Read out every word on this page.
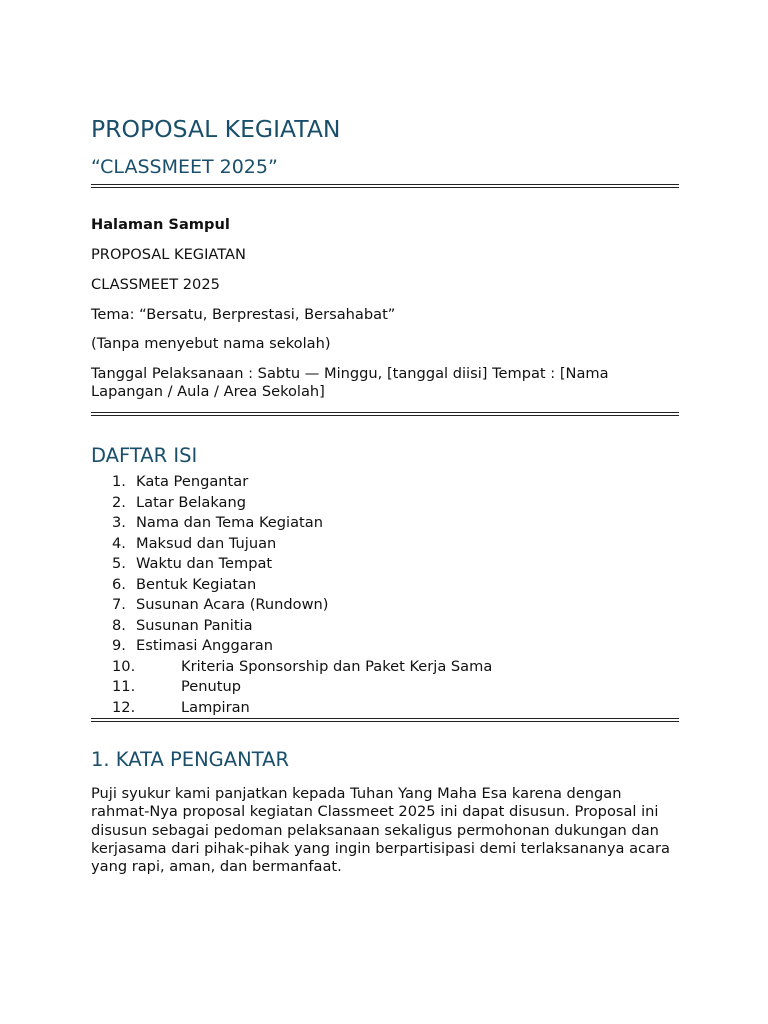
PROPOSAL KEGIATAN
“CLASSMEET 2025”

Halaman Sampul

PROPOSAL KEGIATAN

CLASSMEET 2025

Tema: “Bersatu, Berprestasi, Bersahabat”

(Tanpa menyebut nama sekolah)

Tanggal Pelaksanaan : Sabtu — Minggu, [tanggal diisi] Tempat : [Nama Lapangan / Aula / Area Sekolah]

DAFTAR ISI
1. Kata Pengantar
2. Latar Belakang
3. Nama dan Tema Kegiatan
4. Maksud dan Tujuan
5. Waktu dan Tempat
6. Bentuk Kegiatan
7. Susunan Acara (Rundown)
8. Susunan Panitia
9. Estimasi Anggaran
10.	Kriteria Sponsorship dan Paket Kerja Sama
11.	Penutup
12.	Lampiran
1. KATA PENGANTAR

Puji syukur kami panjatkan kepada Tuhan Yang Maha Esa karena dengan rahmat-Nya proposal kegiatan Classmeet 2025 ini dapat disusun. Proposal ini disusun sebagai pedoman pelaksanaan sekaligus permohonan dukungan dan kerjasama dari pihak-pihak yang ingin berpartisipasi demi terlaksananya acara yang rapi, aman, dan bermanfaat.
